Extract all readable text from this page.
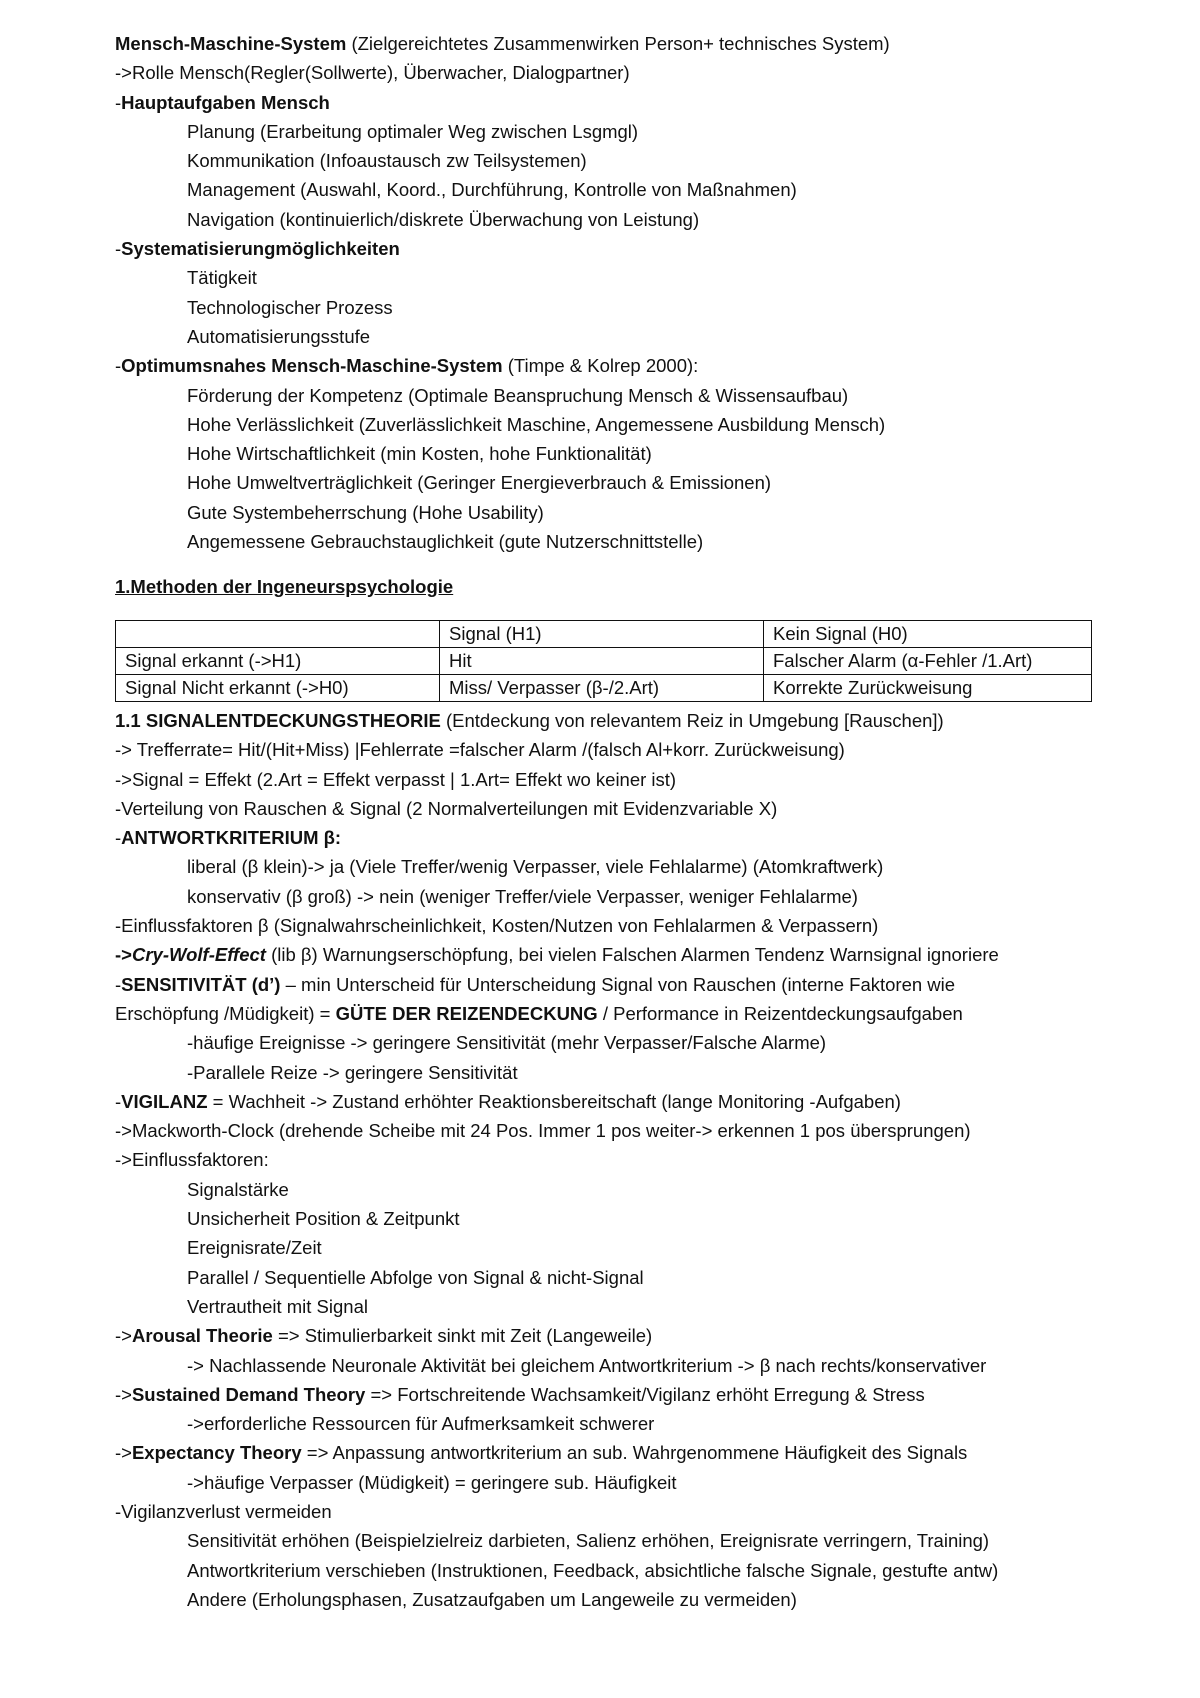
Mensch-Maschine-System (Zielgereichtetes Zusammenwirken Person+ technisches System)
->Rolle Mensch(Regler(Sollwerte), Überwacher, Dialogpartner)
-Hauptaufgaben Mensch
Planung (Erarbeitung optimaler Weg zwischen Lsgmgl)
Kommunikation (Infoaustausch zw Teilsystemen)
Management (Auswahl, Koord., Durchführung, Kontrolle von Maßnahmen)
Navigation (kontinuierlich/diskrete Überwachung von Leistung)
-Systematisierungmöglichkeiten
Tätigkeit
Technologischer Prozess
Automatisierungsstufe
-Optimumsnahes Mensch-Maschine-System (Timpe & Kolrep 2000):
Förderung der Kompetenz (Optimale Beanspruchung Mensch & Wissensaufbau)
Hohe Verlässlichkeit (Zuverlässlichkeit Maschine, Angemessene Ausbildung Mensch)
Hohe Wirtschaftlichkeit (min Kosten, hohe Funktionalität)
Hohe Umweltverträglichkeit (Geringer Energieverbrauch & Emissionen)
Gute Systembeherrschung (Hohe Usability)
Angemessene Gebrauchstauglichkeit (gute Nutzerschnittstelle)
1.Methoden der Ingeneurspsychologie
	Signal (H1)	Kein Signal (H0)
Signal erkannt (->H1)	Hit	Falscher Alarm (α-Fehler /1.Art)
Signal Nicht erkannt (->H0)	Miss/ Verpasser (β-/2.Art)	Korrekte Zurückweisung
1.1 SIGNALENTDECKUNGSTHEORIE (Entdeckung von relevantem Reiz in Umgebung [Rauschen])
-> Trefferrate= Hit/(Hit+Miss) |Fehlerrate =falscher Alarm /(falsch Al+korr. Zurückweisung)
->Signal = Effekt (2.Art = Effekt verpasst | 1.Art= Effekt wo keiner ist)
-Verteilung von Rauschen & Signal (2 Normalverteilungen mit Evidenzvariable X)
-ANTWORTKRITERIUM β:
liberal (β klein)-> ja (Viele Treffer/wenig Verpasser, viele Fehlalarme) (Atomkraftwerk)
konservativ (β groß) -> nein (weniger Treffer/viele Verpasser, weniger Fehlalarme)
-Einflussfaktoren β (Signalwahrscheinlichkeit, Kosten/Nutzen von Fehlalarmen & Verpassern)
->Cry-Wolf-Effect (lib β) Warnungserschöpfung, bei vielen Falschen Alarmen Tendenz Warnsignal ignoriere
-SENSITIVITÄT (d’) – min Unterscheid für Unterscheidung Signal von Rauschen (interne Faktoren wie
Erschöpfung /Müdigkeit) = GÜTE DER REIZENDECKUNG / Performance in Reizentdeckungsaufgaben
-häufige Ereignisse -> geringere Sensitivität (mehr Verpasser/Falsche Alarme)
-Parallele Reize -> geringere Sensitivität
-VIGILANZ = Wachheit -> Zustand erhöhter Reaktionsbereitschaft (lange Monitoring -Aufgaben)
->Mackworth-Clock (drehende Scheibe mit 24 Pos. Immer 1 pos weiter-> erkennen 1 pos übersprungen)
->Einflussfaktoren:
Signalstärke
Unsicherheit Position & Zeitpunkt
Ereignisrate/Zeit
Parallel / Sequentielle Abfolge von Signal & nicht-Signal
Vertrautheit mit Signal
->Arousal Theorie => Stimulierbarkeit sinkt mit Zeit (Langeweile)
-> Nachlassende Neuronale Aktivität bei gleichem Antwortkriterium -> β nach rechts/konservativer
->Sustained Demand Theory => Fortschreitende Wachsamkeit/Vigilanz erhöht Erregung & Stress
->erforderliche Ressourcen für Aufmerksamkeit schwerer
->Expectancy Theory => Anpassung antwortkriterium an sub. Wahrgenommene Häufigkeit des Signals
->häufige Verpasser (Müdigkeit) = geringere sub. Häufigkeit
-Vigilanzverlust vermeiden
Sensitivität erhöhen (Beispielzielreiz darbieten, Salienz erhöhen, Ereignisrate verringern, Training)
Antwortkriterium verschieben (Instruktionen, Feedback, absichtliche falsche Signale, gestufte antw)
Andere (Erholungsphasen, Zusatzaufgaben um Langeweile zu vermeiden)
